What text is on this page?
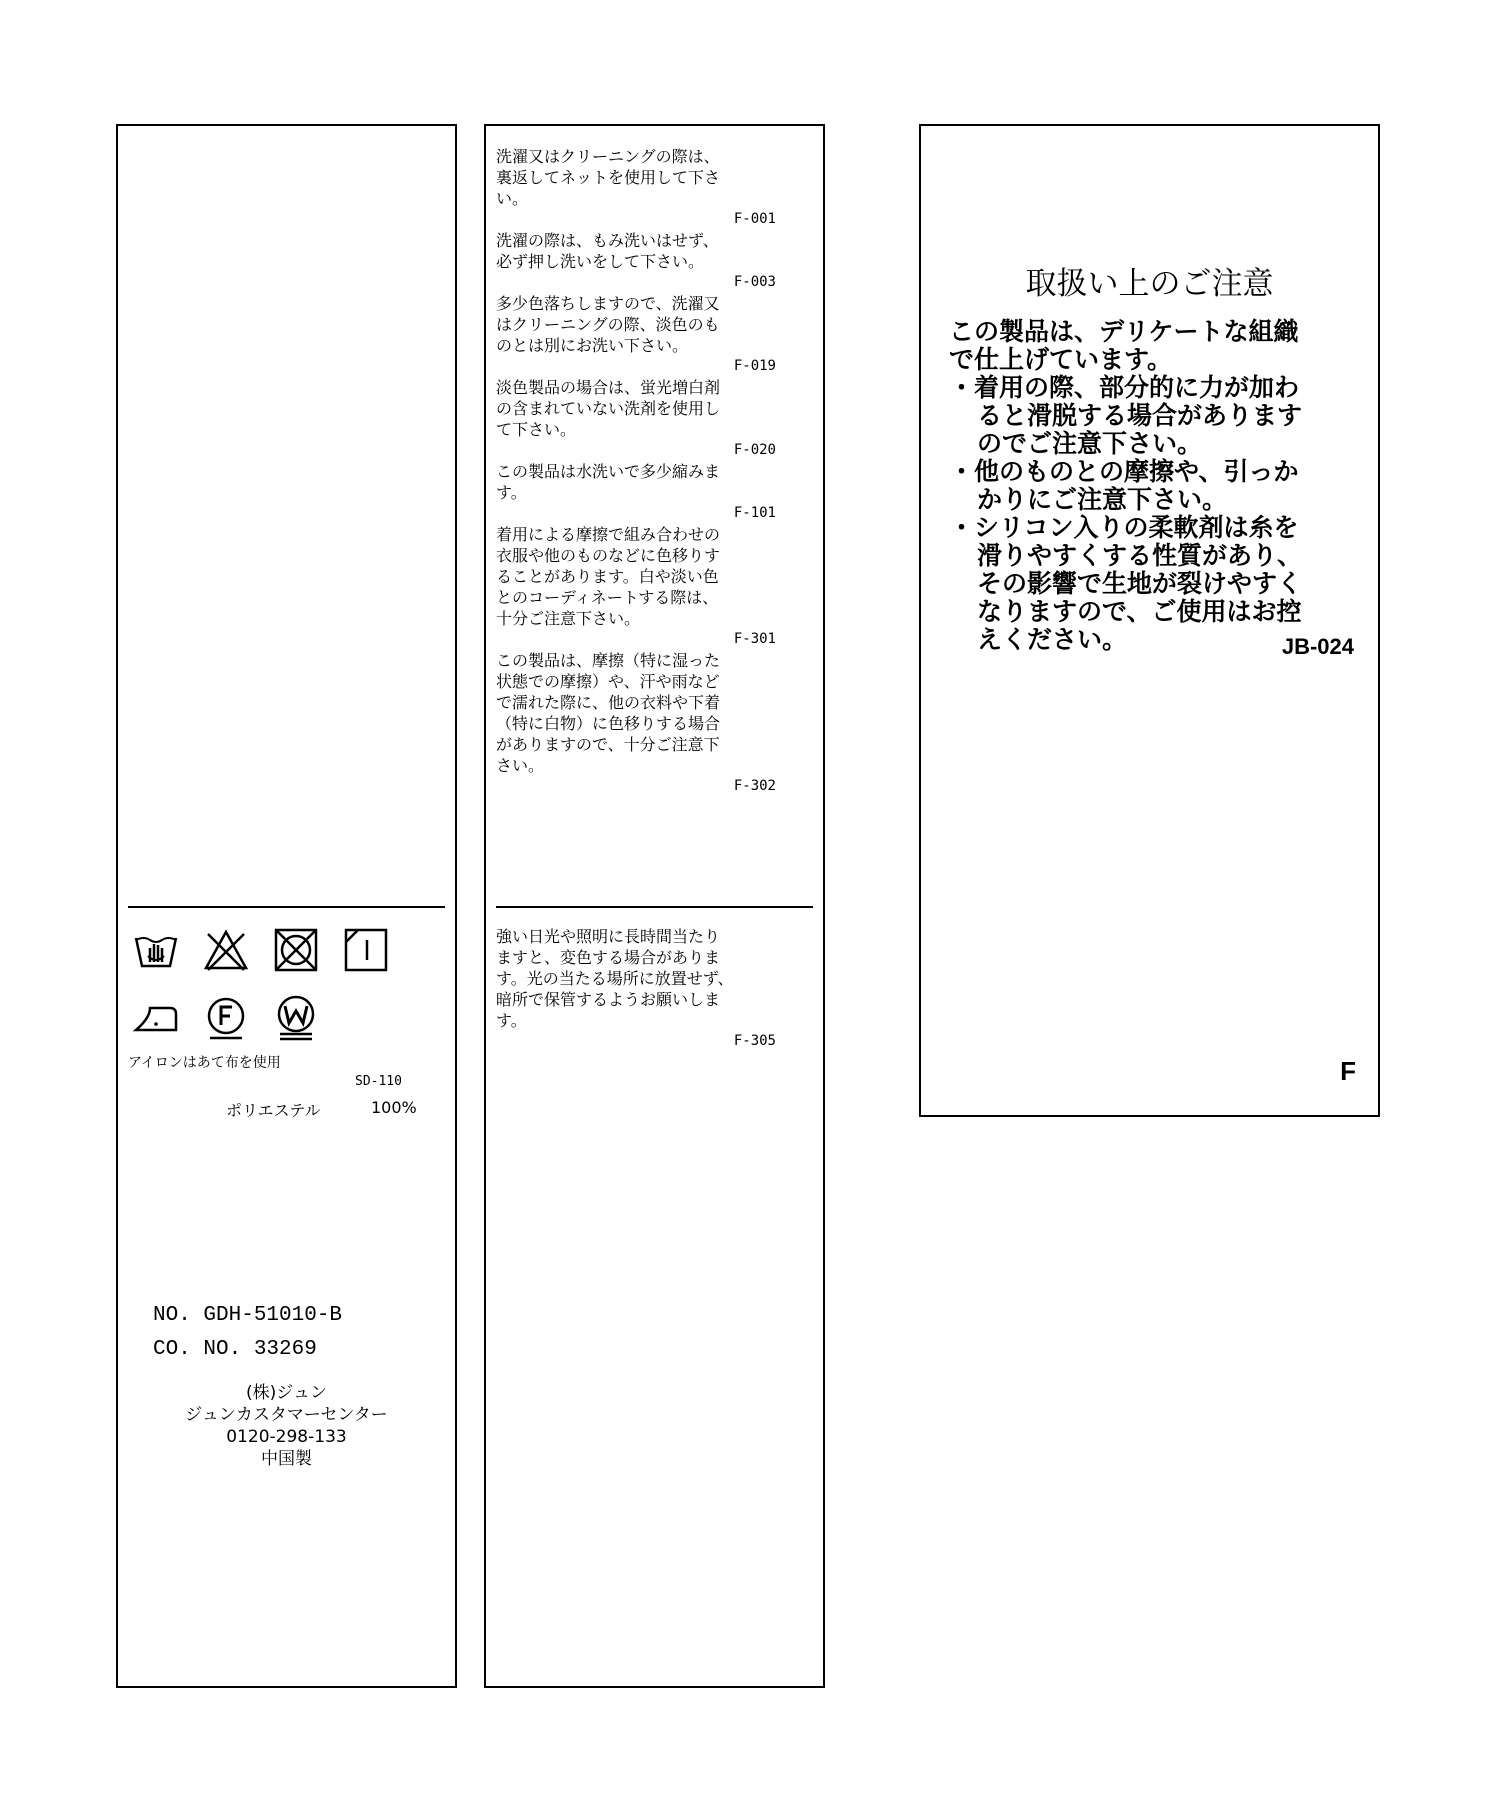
アイロンはあて布を使用
SD-110
ポリエステル	100%
NO. GDH-51010-B
CO. NO. 33269
(株)ジュン
ジュンカスタマーセンター
0120-298-133
中国製
洗濯又はクリーニングの際は、
裏返してネットを使用して下さ
い。
F-001
洗濯の際は、もみ洗いはせず、
必ず押し洗いをして下さい。
F-003
多少色落ちしますので、洗濯又
はクリーニングの際、淡色のも
のとは別にお洗い下さい。
F-019
淡色製品の場合は、蛍光増白剤
の含まれていない洗剤を使用し
て下さい。
F-020
この製品は水洗いで多少縮みま
す。
F-101
着用による摩擦で組み合わせの
衣服や他のものなどに色移りす
ることがあります。白や淡い色
とのコーディネートする際は、
十分ご注意下さい。
F-301
この製品は、摩擦（特に湿った
状態での摩擦）や、汗や雨など
で濡れた際に、他の衣料や下着
（特に白物）に色移りする場合
がありますので、十分ご注意下
さい。
F-302
強い日光や照明に長時間当たり
ますと、変色する場合がありま
す。光の当たる場所に放置せず、
暗所で保管するようお願いしま
す。
F-305
取扱い上のご注意
この製品は、デリケートな組織
で仕上げています。
・着用の際、部分的に力が加わ
ると滑脱する場合があります
のでご注意下さい。
・他のものとの摩擦や、引っか
かりにご注意下さい。
・シリコン入りの柔軟剤は糸を
滑りやすくする性質があり、
その影響で生地が裂けやすく
なりますので、ご使用はお控
えください。	JB-024
F
